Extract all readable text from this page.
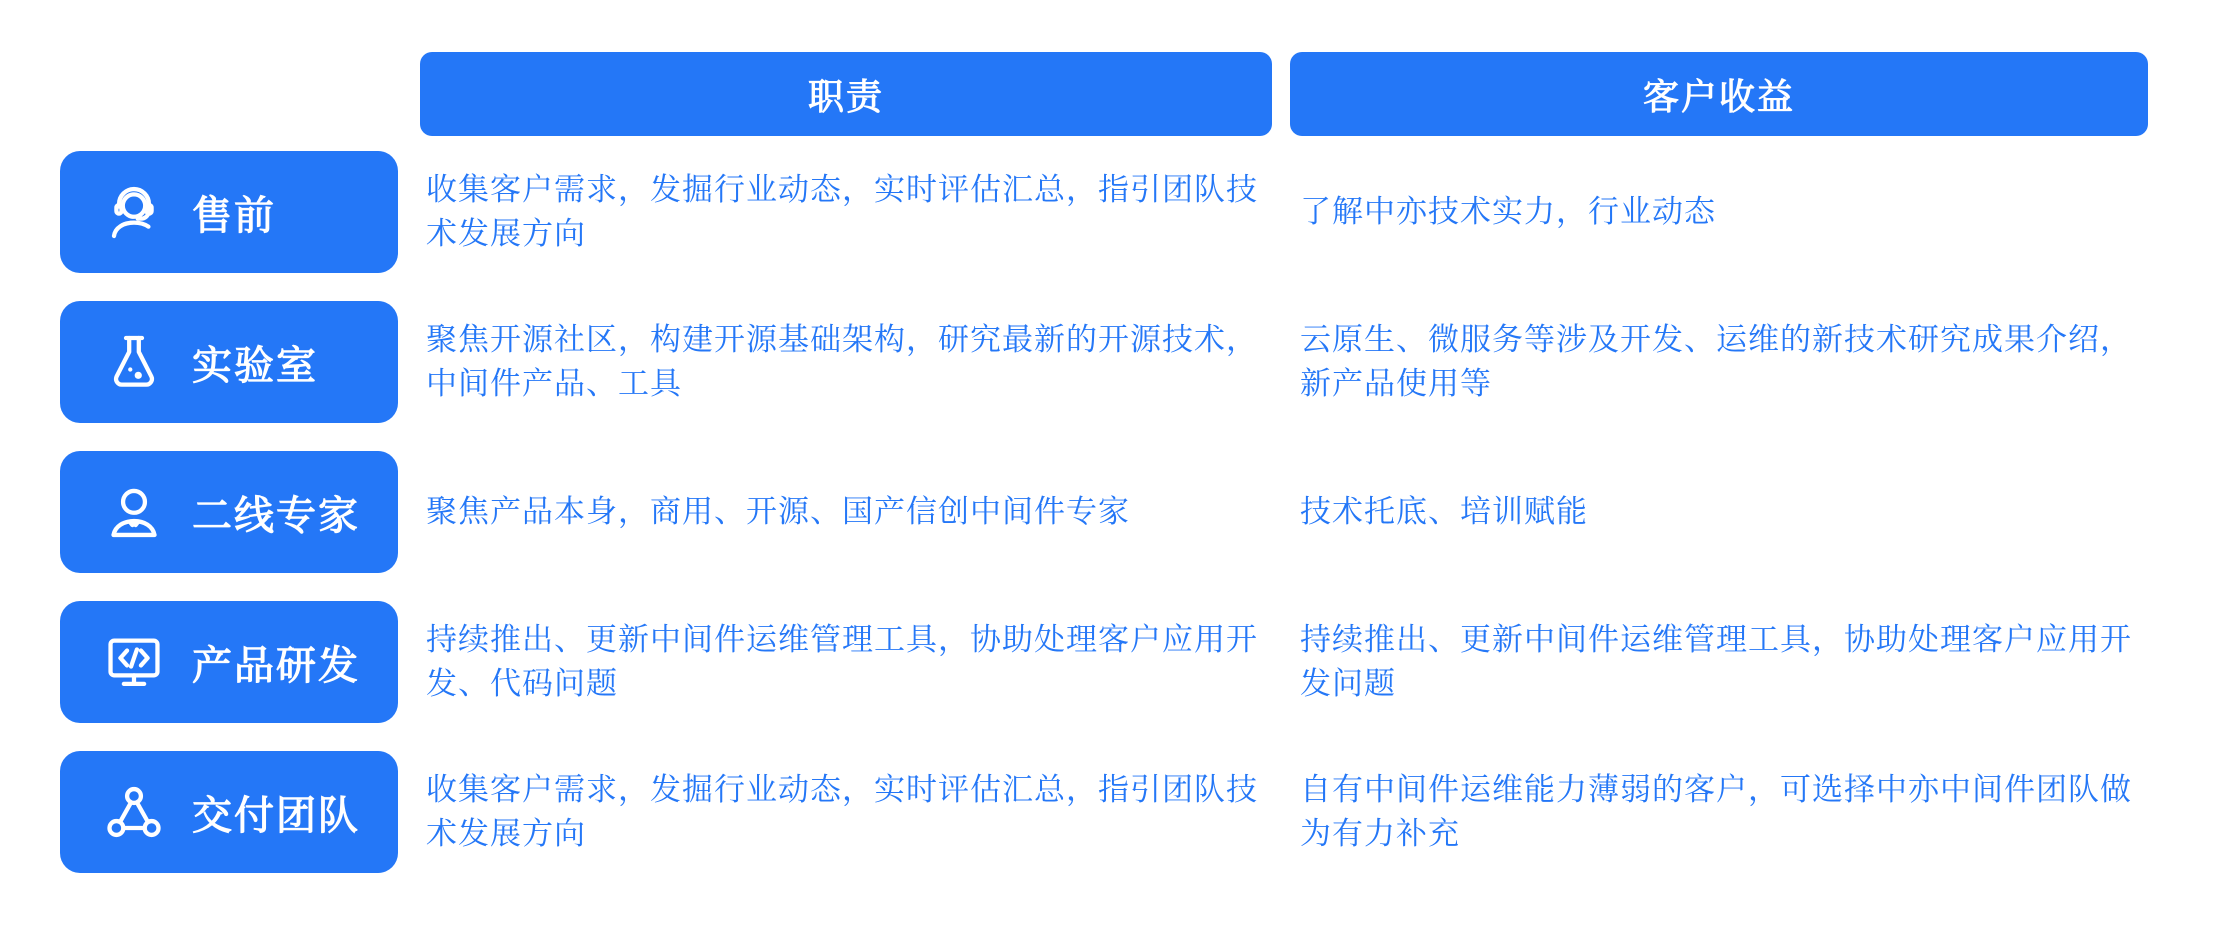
职责	客户收益
售前
收集客户需求，发掘行业动态，实时评估汇总，指引团队技术发展方向
了解中亦技术实力，行业动态
实验室
聚焦开源社区，构建开源基础架构，研究最新的开源技术，中间件产品、工具
云原生、微服务等涉及开发、运维的新技术研究成果介绍，新产品使用等
二线专家 聚焦产品本身，商用、开源、国产信创中间件专家	技术托底、培训赋能
产品研发
持续推出、更新中间件运维管理工具，协助处理客户应用开发、代码问题
持续推出、更新中间件运维管理工具，协助处理客户应用开发问题
交付团队
收集客户需求，发掘行业动态，实时评估汇总，指引团队技术发展方向
自有中间件运维能力薄弱的客户，可选择中亦中间件团队做为有力补充
